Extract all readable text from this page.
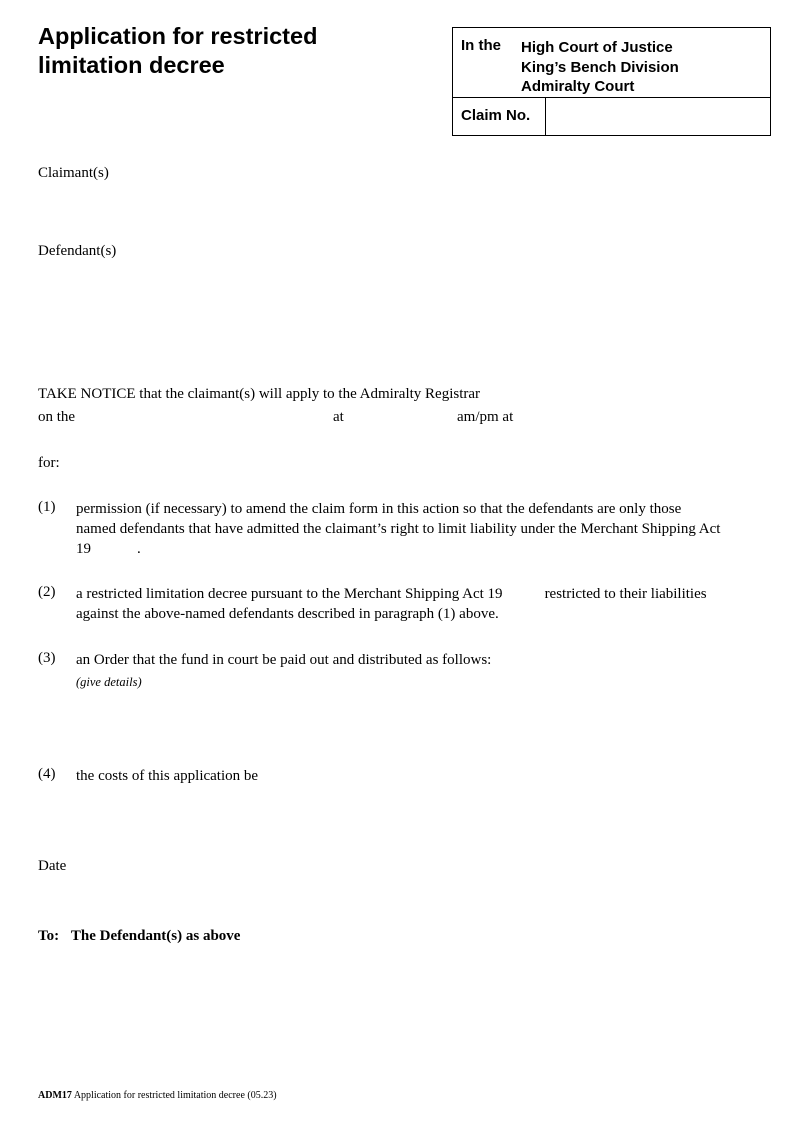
Application for restricted
limitation decree
In the High Court of Justice
King’s Bench Division
Admiralty Court
Claim No.
Claimant(s)
Defendant(s)
TAKE NOTICE that the claimant(s) will apply to the Admiralty Registrar
on the	at	am/pm at
for:
(1) permission (if necessary) to amend the claim form in this action so that the defendants are only those
named defendants that have admitted the claimant’s right to limit liability under the Merchant Shipping Act
19	.
(2) a restricted limitation decree pursuant to the Merchant Shipping Act 19	restricted to their liabilities
against the above-named defendants described in paragraph (1) above.
(3) an Order that the fund in court be paid out and distributed as follows:
(give details)
(4) the costs of this application be
Date
To: The Defendant(s) as above
ADM17 Application for restricted limitation decree (05.23)
